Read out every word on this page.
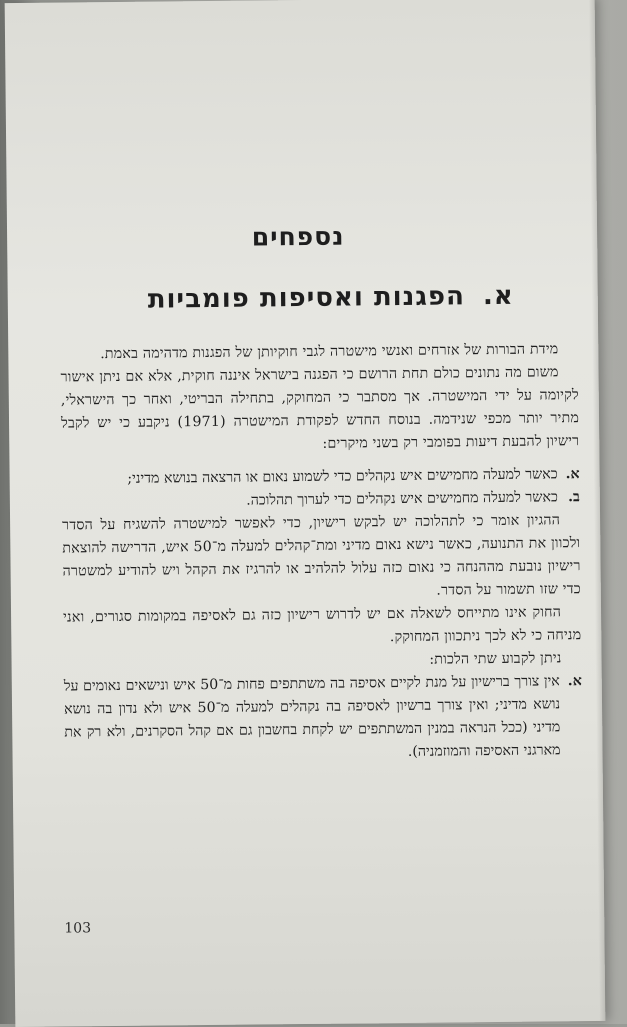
נספחים
א.הפגנות ואסיפות פומביות

מידת הבורות של אזרחים ואנשי מישטרה לגבי חוקיותן של הפגנות מדהימה באמת.

משום מה נתונים כולם תחת הרושם כי הפגנה בישראל איננה חוקית, אלא אם ניתן אישור לקיומה על ידי המישטרה. אך מסתבר כי המחוקק, בתחילה הבריטי, ואחר כך הישראלי, מתיר יותר מכפי שנידמה. בנוסח החדש לפקודת המישטרה (1971) ניקבע כי יש לקבל רישיון להבעת דיעות בפומבי רק בשני מיקרים:

א.
כאשר למעלה מחמישים איש נקהלים כדי לשמוע נאום או הרצאה בנושא מדיני;
ב.
כאשר למעלה מחמישים איש נקהלים כדי לערוך תהלוכה.

ההגיון אומר כי לתהלוכה יש לבקש רישיון, כדי לאפשר למישטרה להשגיח על הסדר ולכוון את התנועה, כאשר נישא נאום מדיני ומת־קהלים למעלה מ־50 איש, הדרישה להוצאת רישיון נובעת מההנחה כי נאום כזה עלול להלהיב או להרגיז את הקהל ויש להודיע למשטרה כדי שזו תשמור על הסדר.

החוק אינו מתייחס לשאלה אם יש לדרוש רישיון כזה גם לאסיפה במקומות סגורים, ואני מניחה כי לא לכך ניתכוון המחוקק.

ניתן לקבוע שתי הלכות:

א.
אין צורך ברישיון על מנת לקיים אסיפה בה משתתפים פחות מ־50 איש ונישאים נאומים על נושא מדיני; ואין צורך ברשיון לאסיפה בה נקהלים למעלה מ־50 איש ולא נדון בה נושא מדיני (ככל הנראה במנין המשתתפים יש לקחת בחשבון גם אם קהל הסקרנים, ולא רק את מארגני האסיפה והמוזמניה).
103
